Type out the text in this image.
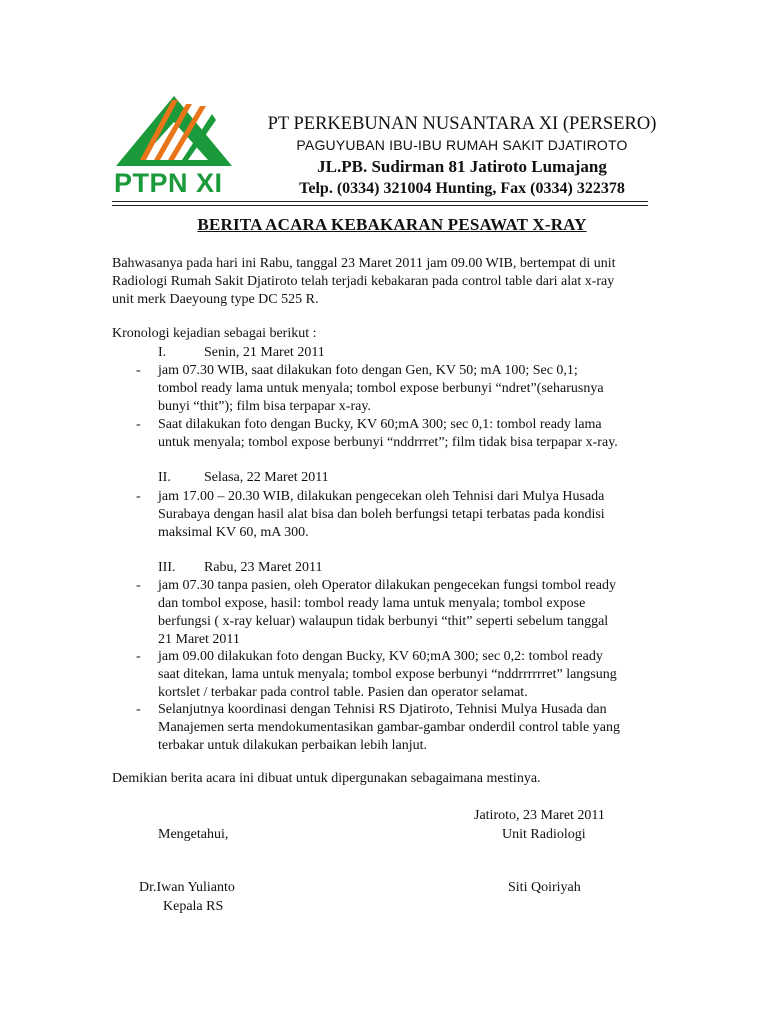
PTPN XI
PT PERKEBUNAN NUSANTARA XI (PERSERO)
PAGUYUBAN IBU-IBU RUMAH SAKIT DJATIROTO
JL.PB. Sudirman 81 Jatiroto Lumajang
Telp. (0334) 321004 Hunting, Fax (0334) 322378
BERITA ACARA KEBAKARAN PESAWAT X-RAY
Bahwasanya pada hari ini Rabu, tanggal 23 Maret 2011 jam 09.00 WIB, bertempat di unit
Radiologi Rumah Sakit Djatiroto telah terjadi kebakaran pada control table dari alat x-ray
unit merk Daeyoung type DC 525 R.
Kronologi kejadian sebagai berikut :
I.	Senin, 21 Maret 2011
- jam 07.30 WIB, saat dilakukan foto dengan Gen, KV 50; mA 100; Sec 0,1;
tombol ready lama untuk menyala; tombol expose berbunyi “ndret”(seharusnya
bunyi “thit”); film bisa terpapar x-ray.
- Saat dilakukan foto dengan Bucky, KV 60;mA 300; sec 0,1: tombol ready lama
untuk menyala; tombol expose berbunyi “nddrrret”; film tidak bisa terpapar x-ray.
II. Selasa, 22 Maret 2011
- jam 17.00 – 20.30 WIB, dilakukan pengecekan oleh Tehnisi dari Mulya Husada
Surabaya dengan hasil alat bisa dan boleh berfungsi tetapi terbatas pada kondisi
maksimal KV 60, mA 300.
III. Rabu, 23 Maret 2011
- jam 07.30 tanpa pasien, oleh Operator dilakukan pengecekan fungsi tombol ready
dan tombol expose, hasil: tombol ready lama untuk menyala; tombol expose
berfungsi ( x-ray keluar) walaupun tidak berbunyi “thit” seperti sebelum tanggal
21 Maret 2011
- jam 09.00 dilakukan foto dengan Bucky, KV 60;mA 300; sec 0,2: tombol ready
saat ditekan, lama untuk menyala; tombol expose berbunyi “nddrrrrrret” langsung
kortslet / terbakar pada control table. Pasien dan operator selamat.
- Selanjutnya koordinasi dengan Tehnisi RS Djatiroto, Tehnisi Mulya Husada dan
Manajemen serta mendokumentasikan gambar-gambar onderdil control table yang
terbakar untuk dilakukan perbaikan lebih lanjut.
Demikian berita acara ini dibuat untuk dipergunakan sebagaimana mestinya.
Jatiroto, 23 Maret 2011
Unit Radiologi
Mengetahui,
Dr.Iwan Yulianto
Kepala RS
Siti Qoiriyah
